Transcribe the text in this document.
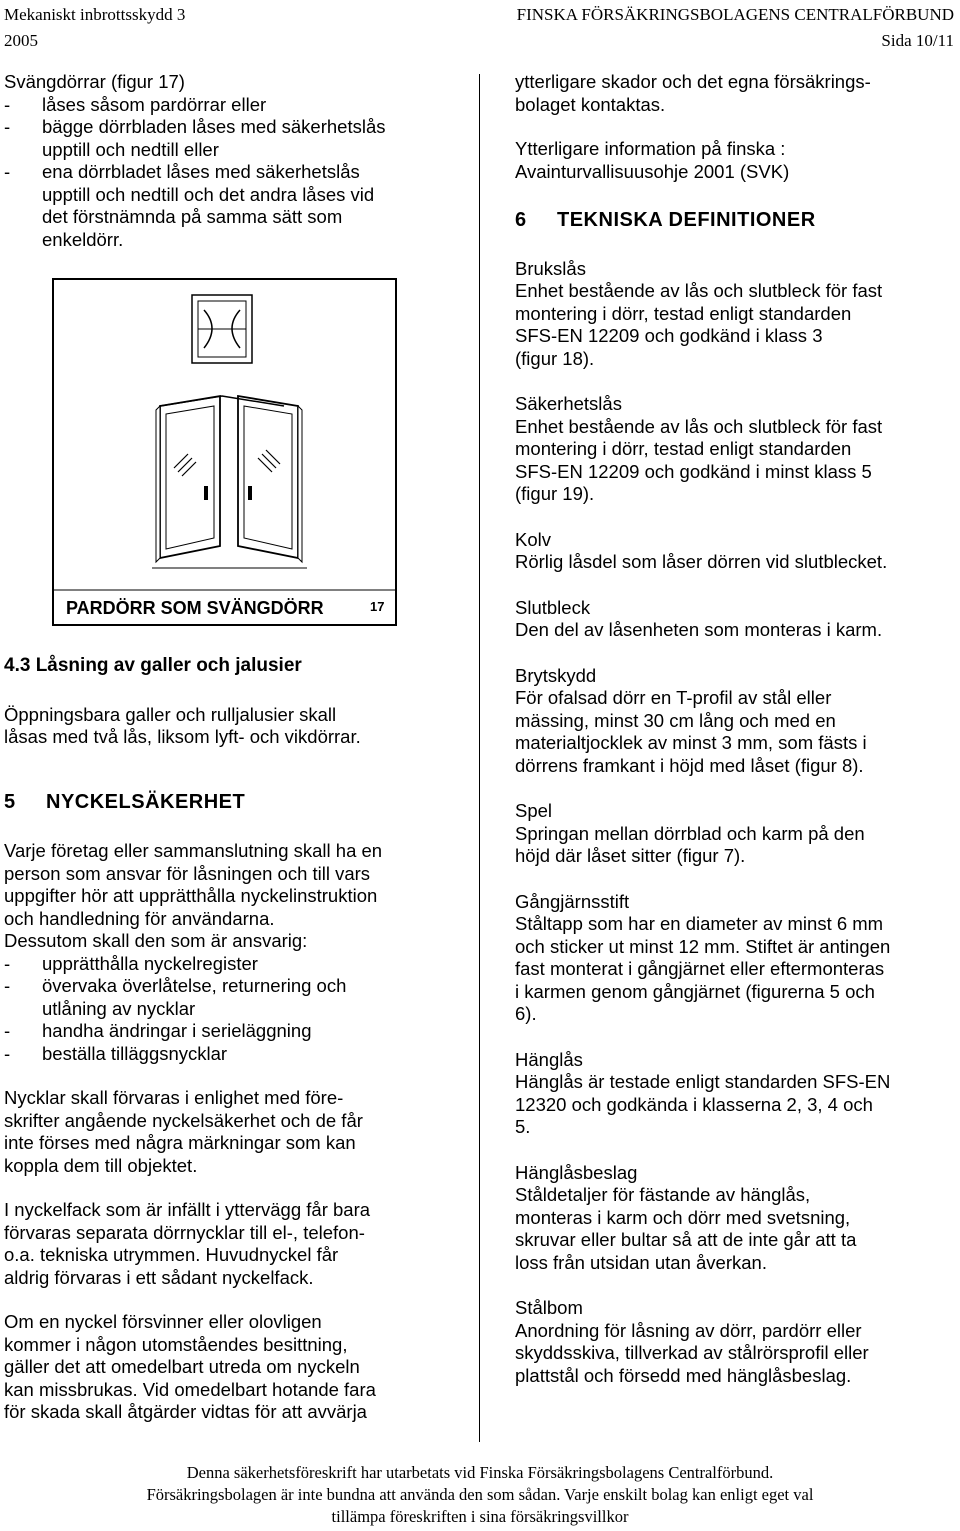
Mekaniskt inbrottsskydd 3
2005
FINSKA FÖRSÄKRINGSBOLAGENS CENTRALFÖRBUND
Sida 10/11

Svängdörrar (figur 17)

- låses såsom pardörrar eller
- bägge dörrbladen låses med säkerhetslås
upptill och nedtill eller
- ena dörrbladet låses med säkerhetslås
upptill och nedtill och det andra låses vid
det förstnämnda på samma sätt som
enkeldörr.
PARDÖRR SOM SVÄNGDÖRR	17

4.3 Låsning av galler och jalusier

Öppningsbara galler och rulljalusier skall
låsas med två lås, liksom lyft- och vikdörrar.

5 NYCKELSÄKERHET

Varje företag eller sammanslutning skall ha en
person som ansvar för låsningen och till vars
uppgifter hör att upprätthålla nyckelinstruktion
och handledning för användarna.
Dessutom skall den som är ansvarig:

- upprätthålla nyckelregister
- övervaka överlåtelse, returnering och
utlåning av nycklar
- handha ändringar i serieläggning
- beställa tilläggsnycklar

Nycklar skall förvaras i enlighet med före-
skrifter angående nyckelsäkerhet och de får
inte förses med några märkningar som kan
koppla dem till objektet.

I nyckelfack som är infällt i yttervägg får bara
förvaras separata dörrnycklar till el-, telefon-
o.a. tekniska utrymmen. Huvudnyckel får
aldrig förvaras i ett sådant nyckelfack.

Om en nyckel försvinner eller olovligen
kommer i någon utomståendes besittning,
gäller det att omedelbart utreda om nyckeln
kan missbrukas. Vid omedelbart hotande fara
för skada skall åtgärder vidtas för att avvärja

ytterligare skador och det egna försäkrings-
bolaget kontaktas.

Ytterligare information på finska :
Avainturvallisuusohje 2001 (SVK)

6 TEKNISKA DEFINITIONER

Brukslås
Enhet bestående av lås och slutbleck för fast
montering i dörr, testad enligt standarden
SFS-EN 12209 och godkänd i klass 3
(figur 18).
Säkerhetslås
Enhet bestående av lås och slutbleck för fast
montering i dörr, testad enligt standarden
SFS-EN 12209 och godkänd i minst klass 5
(figur 19).
Kolv
Rörlig låsdel som låser dörren vid slutblecket.
Slutbleck
Den del av låsenheten som monteras i karm.
Brytskydd
För ofalsad dörr en T-profil av stål eller
mässing, minst 30 cm lång och med en
materialtjocklek av minst 3 mm, som fästs i
dörrens framkant i höjd med låset (figur 8).
Spel
Springan mellan dörrblad och karm på den
höjd där låset sitter (figur 7).
Gångjärnsstift
Ståltapp som har en diameter av minst 6 mm
och sticker ut minst 12 mm. Stiftet är antingen
fast monterat i gångjärnet eller eftermonteras
i karmen genom gångjärnet (figurerna 5 och
6).
Hänglås
Hänglås är testade enligt standarden SFS-EN
12320 och godkända i klasserna 2, 3, 4 och
5.
Hänglåsbeslag
Ståldetaljer för fästande av hänglås,
monteras i karm och dörr med svetsning,
skruvar eller bultar så att de inte går att ta
loss från utsidan utan åverkan.
Stålbom
Anordning för låsning av dörr, pardörr eller
skyddsskiva, tillverkad av stålrörsprofil eller
plattstål och försedd med hänglåsbeslag.
Denna säkerhetsföreskrift har utarbetats vid Finska Försäkringsbolagens Centralförbund.
Försäkringsbolagen är inte bundna att använda den som sådan. Varje enskilt bolag kan enligt eget val
tillämpa föreskriften i sina försäkringsvillkor
